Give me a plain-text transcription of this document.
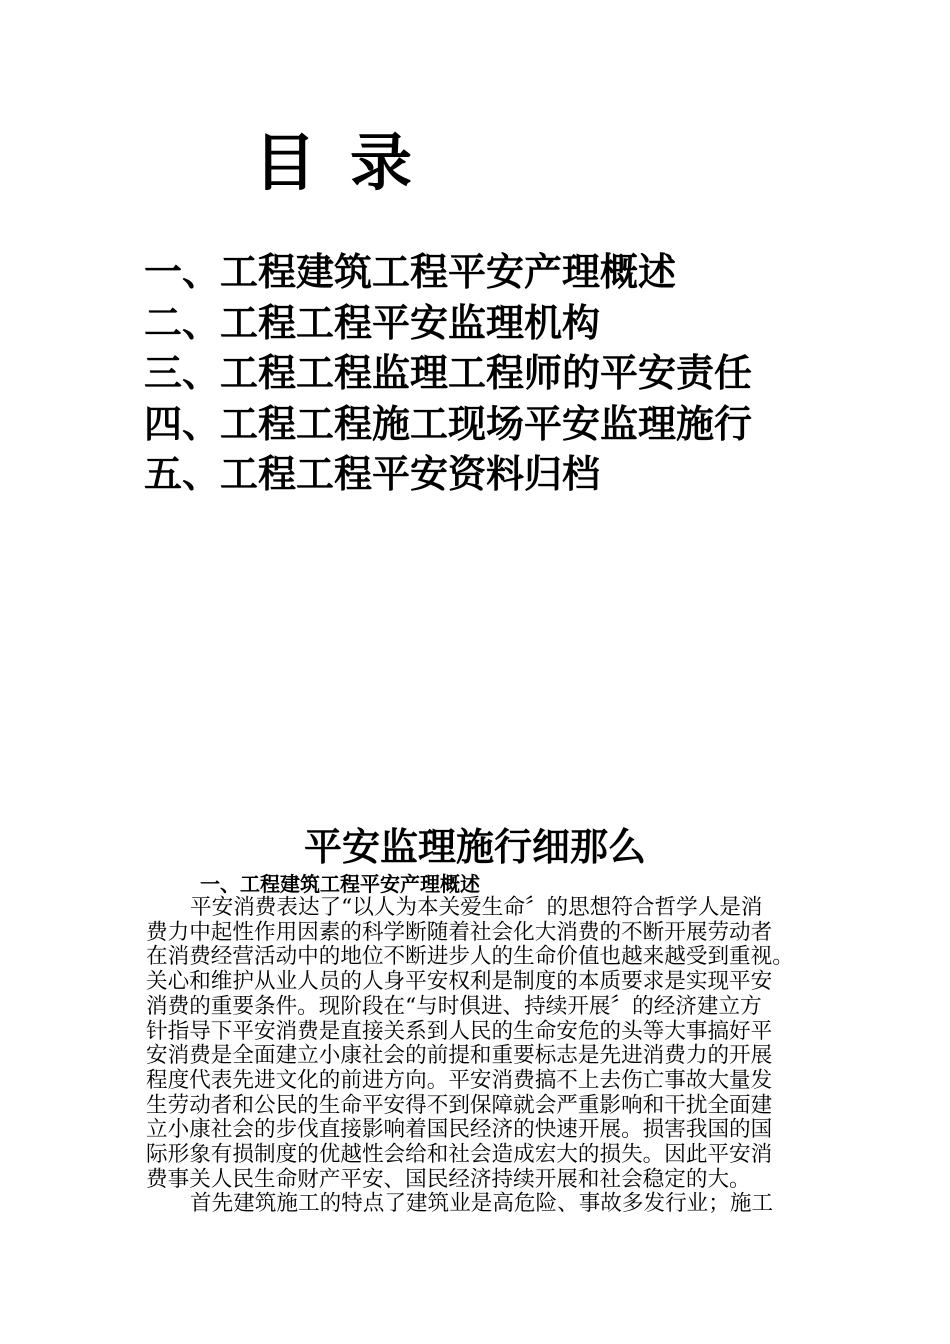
目录
一、工程建筑工程平安产理概述
二、工程工程平安监理机构
三、工程工程监理工程师的平安责任
四、工程工程施工现场平安监理施行
五、工程工程平安资料归档
平安监理施行细那么
一、工程建筑工程平安产理概述
平安消费表达了“以人为本关爱生命〞的思想符合哲学人是消
费力中起性作用因素的科学断随着社会化大消费的不断开展劳动者
在消费经营活动中的地位不断进步人的生命价值也越来越受到重视。
关心和维护从业人员的人身平安权利是制度的本质要求是实现平安
消费的重要条件。现阶段在“与时俱进、持续开展〞的经济建立方
针指导下平安消费是直接关系到人民的生命安危的头等大事搞好平
安消费是全面建立小康社会的前提和重要标志是先进消费力的开展
程度代表先进文化的前进方向。平安消费搞不上去伤亡事故大量发
生劳动者和公民的生命平安得不到保障就会严重影响和干扰全面建
立小康社会的步伐直接影响着国民经济的快速开展。损害我国的国
际形象有损制度的优越性会给和社会造成宏大的损失。因此平安消
费事关人民生命财产平安、国民经济持续开展和社会稳定的大。
首先建筑施工的特点了建筑业是高危险、事故多发行业；施工
